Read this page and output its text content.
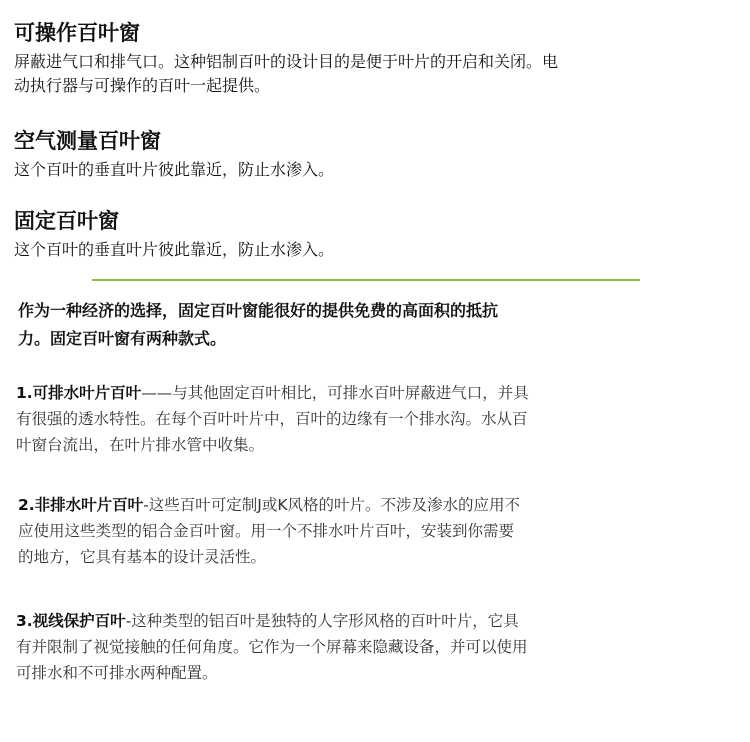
可操作百叶窗

屏蔽进气口和排气口。这种铝制百叶的设计目的是便于叶片的开启和关闭。电

动执行器与可操作的百叶一起提供。

空气测量百叶窗

这个百叶的垂直叶片彼此靠近，防止水渗入。

固定百叶窗

这个百叶的垂直叶片彼此靠近，防止水渗入。

作为一种经济的选择，固定百叶窗能很好的提供免费的高面积的抵抗

力。固定百叶窗有两种款式。

1.可排水叶片百叶——与其他固定百叶相比，可排水百叶屏蔽进气口，并具

有很强的透水特性。在每个百叶叶片中，百叶的边缘有一个排水沟。水从百

叶窗台流出，在叶片排水管中收集。

2.非排水叶片百叶-这些百叶可定制J或K风格的叶片。不涉及渗水的应用不

应使用这些类型的铝合金百叶窗。用一个不排水叶片百叶，安装到你需要

的地方，它具有基本的设计灵活性。

3.视线保护百叶-这种类型的铝百叶是独特的人字形风格的百叶叶片，它具

有并限制了视觉接触的任何角度。它作为一个屏幕来隐藏设备，并可以使用

可排水和不可排水两种配置。
